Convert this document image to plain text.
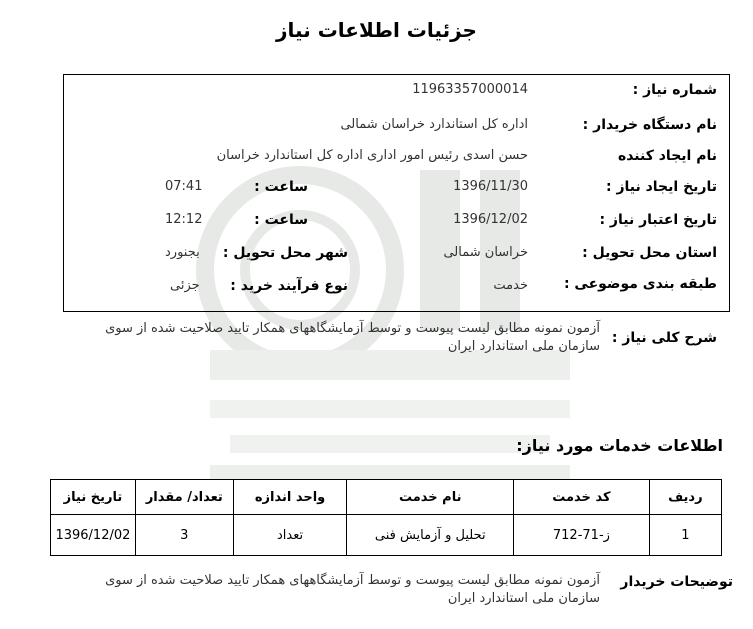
جزئیات اطلاعات نیاز
شماره نیاز :
11963357000014
نام دستگاه خریدار :
اداره کل استاندارد خراسان شمالی
نام ایجاد کننده
حسن اسدی رئیس امور اداری اداره کل استاندارد خراسان
تاریخ ایجاد نیاز :
1396/11/30
ساعت :
07:41
تاریخ اعتبار نیاز :
1396/12/02
ساعت :
12:12
استان محل تحویل :
خراسان شمالی
شهر محل تحویل :
بجنورد
طبقه بندی موضوعی :
خدمت
نوع فرآیند خرید :
جزئی
شرح کلی نیاز :
آزمون نمونه مطابق لیست پیوست و توسط آزمایشگاههای همکار تایید صلاحیت شده از سوی سازمان ملی استاندارد ایران
اطلاعات خدمات مورد نیاز:
ردیف	کد خدمت	نام خدمت	واحد اندازه	تعداد/ مقدار	تاریخ نیاز
1	ز-71-712	تحلیل و آزمایش فنی	تعداد	3	1396/12/02
توضیحات خریدار
آزمون نمونه مطابق لیست پیوست و توسط آزمایشگاههای همکار تایید صلاحیت شده از سوی سازمان ملی استاندارد ایران
